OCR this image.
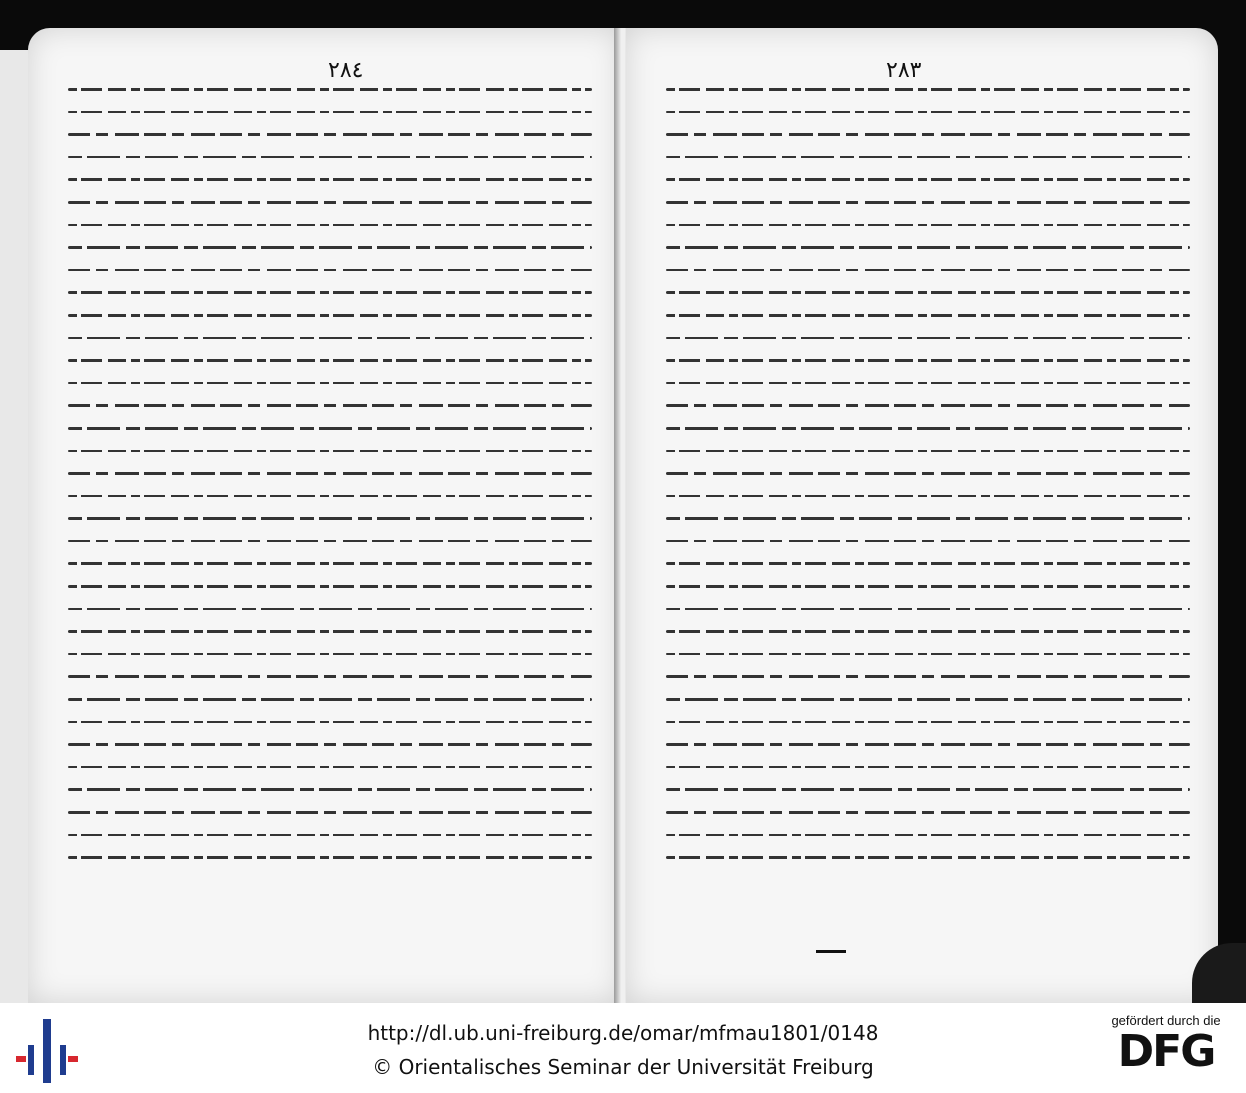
٢٨٤	٢٨٣
http://dl.ub.uni-freiburg.de/omar/mfmau1801/0148
© Orientalisches Seminar der Universität Freiburg
gefördert durch die
DFG
